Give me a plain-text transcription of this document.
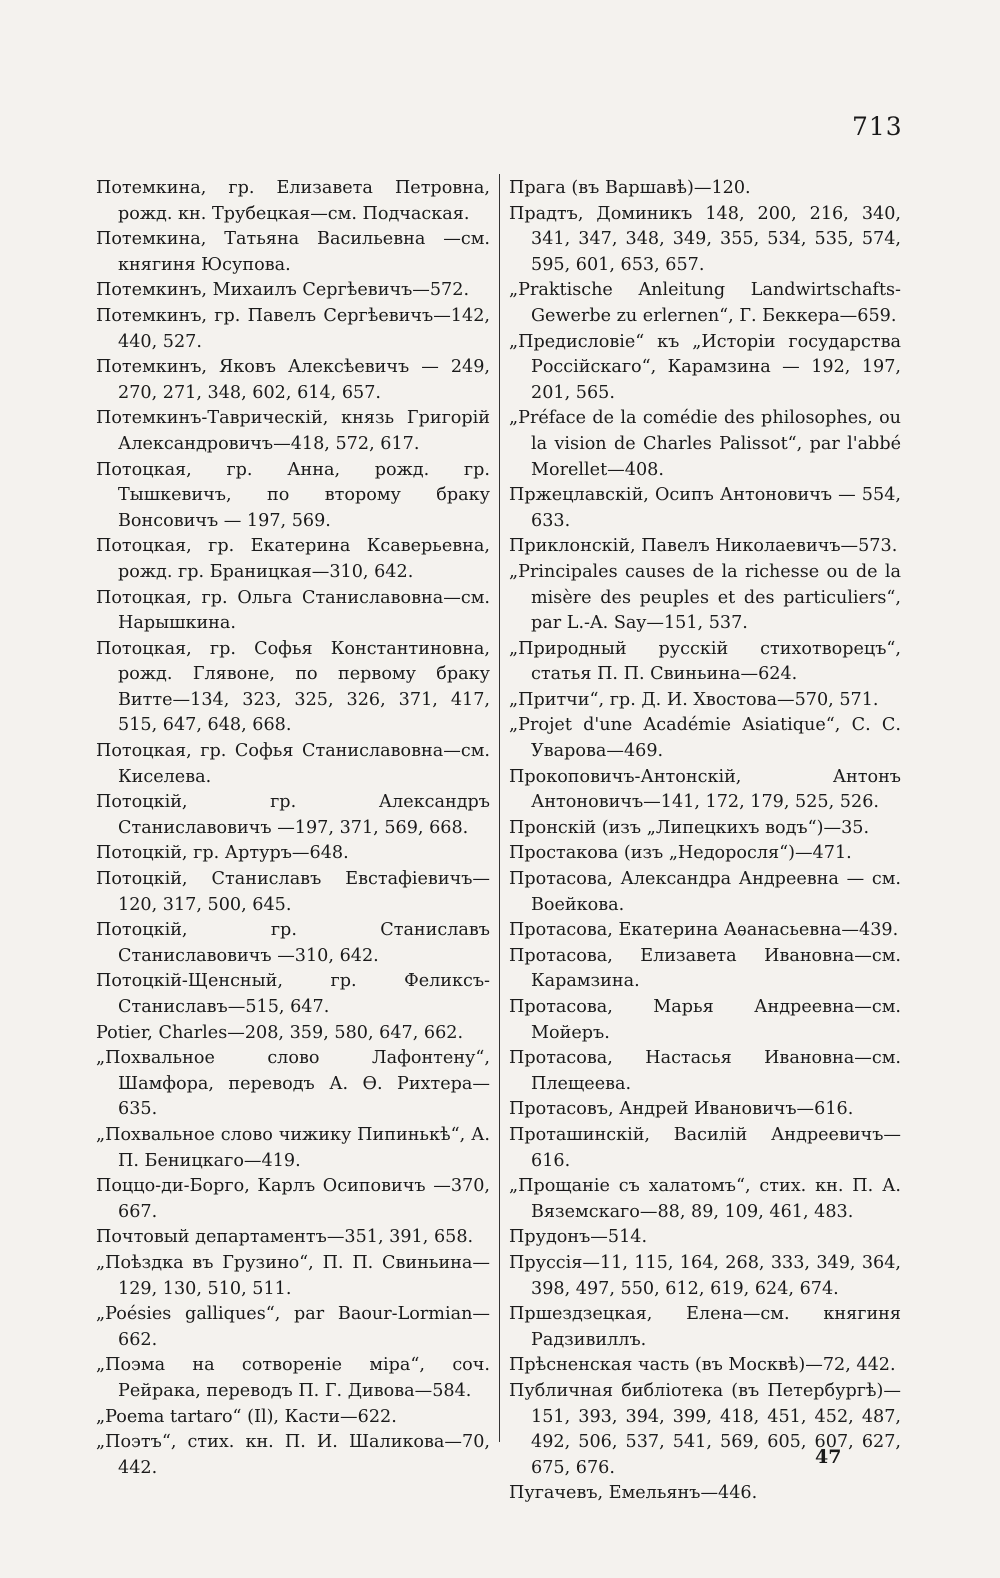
713

Потемкина, гр. Елизавета Петровна, рожд. кн. Трубецкая—см. Подчаская.

Потемкина, Татьяна Васильевна —см. княгиня Юсупова.

Потемкинъ, Михаилъ Сергѣевичъ—572.

Потемкинъ, гр. Павелъ Сергѣевичъ—142, 440, 527.

Потемкинъ, Яковъ Алексѣевичъ — 249, 270, 271, 348, 602, 614, 657.

Потемкинъ-Таврическій, князь Григорій Александровичъ—418, 572, 617.

Потоцкая, гр. Анна, рожд. гр. Тышкевичъ, по второму браку Вонсовичъ — 197, 569.

Потоцкая, гр. Екатерина Ксаверьевна, рожд. гр. Браницкая—310, 642.

Потоцкая, гр. Ольга Станиславовна—см. Нарышкина.

Потоцкая, гр. Софья Константиновна, рожд. Глявоне, по первому браку Витте—134, 323, 325, 326, 371, 417, 515, 647, 648, 668.

Потоцкая, гр. Софья Станиславовна—см. Киселева.

Потоцкій, гр. Александръ Станиславовичъ —197, 371, 569, 668.

Потоцкій, гр. Артуръ—648.

Потоцкій, Станиславъ Евстафіевичъ—120, 317, 500, 645.

Потоцкій, гр. Станиславъ Станиславовичъ —310, 642.

Потоцкій-Щенсный, гр. Феликсъ-Станиславъ—515, 647.

Potier, Charles—208, 359, 580, 647, 662.

„Похвальное слово Лафонтену“, Шамфора, переводъ А. Ѳ. Рихтера—635.

„Похвальное слово чижику Пипинькѣ“, А. П. Беницкаго—419.

Поццо-ди-Борго, Карлъ Осиповичъ —370, 667.

Почтовый департаментъ—351, 391, 658.

„Поѣздка въ Грузино“, П. П. Свиньина— 129, 130, 510, 511.

„Poésies galliques“, par Baour-Lormian— 662.

„Поэма на сотвореніе міра“, соч. Рейрака, переводъ П. Г. Дивова—584.

„Poema tartaro“ (Il), Касти—622.

„Поэтъ“, стих. кн. П. И. Шаликова—70, 442.

Прага (въ Варшавѣ)—120.

Прадтъ, Доминикъ 148, 200, 216, 340, 341, 347, 348, 349, 355, 534, 535, 574, 595, 601, 653, 657.

„Praktische Anleitung Landwirtschafts-Gewerbe zu erlernen“, Г. Беккера—659.

„Предисловіе“ къ „Исторіи государства Россійскаго“, Карамзина — 192, 197, 201, 565.

„Préface de la comédie des philosophes, ou la vision de Charles Palissot“, par l'abbé Morellet—408.

Пржецлавскій, Осипъ Антоновичъ — 554, 633.

Приклонскій, Павелъ Николаевичъ—573.

„Principales causes de la richesse ou de la misère des peuples et des particuliers“, par L.-A. Say—151, 537.

„Природный русскій стихотворецъ“, статья П. П. Свиньина—624.

„Притчи“, гр. Д. И. Хвостова—570, 571.

„Projet d'une Académie Asiatique“, С. С. Уварова—469.

Прокоповичъ-Антонскій, Антонъ Антоновичъ—141, 172, 179, 525, 526.

Пронскій (изъ „Липецкихъ водъ“)—35.

Простакова (изъ „Недоросля“)—471.

Протасова, Александра Андреевна — см. Воейкова.

Протасова, Екатерина Аѳанасьевна—439.

Протасова, Елизавета Ивановна—см. Карамзина.

Протасова, Марья Андреевна—см. Мойеръ.

Протасова, Настасья Ивановна—см. Плещеева.

Протасовъ, Андрей Ивановичъ—616.

Проташинскій, Василій Андреевичъ—616.

„Прощаніе съ халатомъ“, стих. кн. П. А. Вяземскаго—88, 89, 109, 461, 483.

Прудонъ—514.

Пруссія—11, 115, 164, 268, 333, 349, 364, 398, 497, 550, 612, 619, 624, 674.

Пршездзецкая, Елена—см. княгиня Радзивиллъ.

Прѣсненская часть (въ Москвѣ)—72, 442.

Публичная библіотека (въ Петербургѣ)— 151, 393, 394, 399, 418, 451, 452, 487, 492, 506, 537, 541, 569, 605, 607, 627, 675, 676.

Пугачевъ, Емельянъ—446.

47
